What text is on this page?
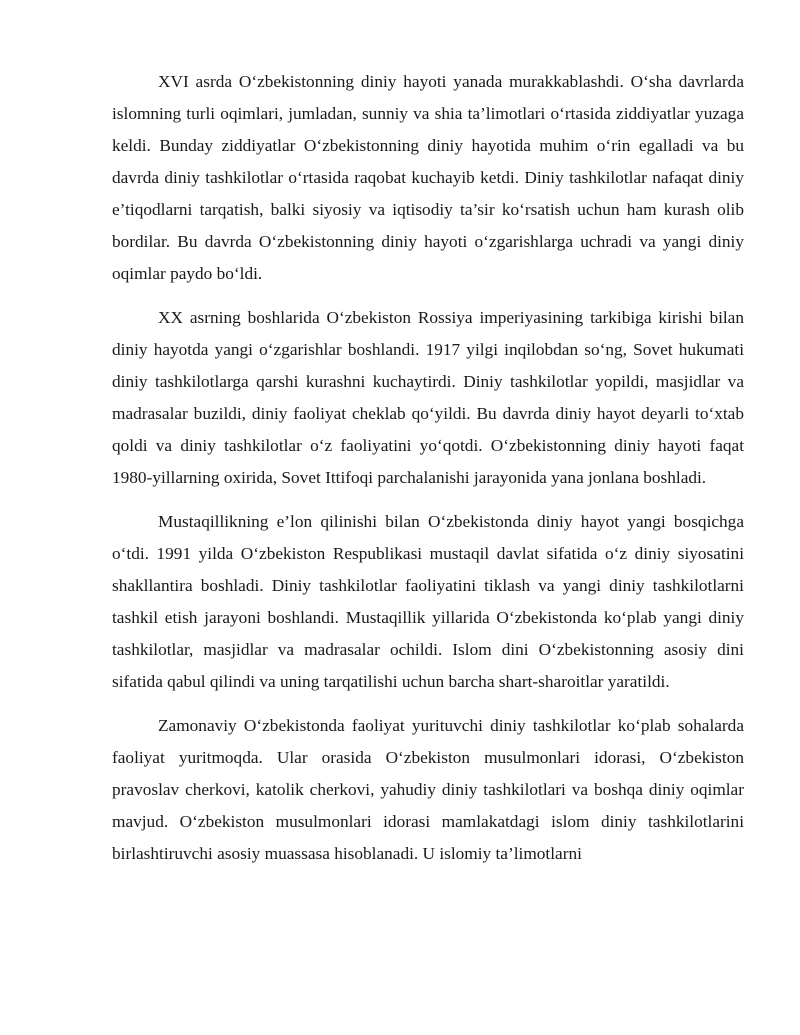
XVI asrda O‘zbekistonning diniy hayoti yanada murakkablashdi. O‘sha davrlarda islomning turli oqimlari, jumladan, sunniy va shia ta’limotlari o‘rtasida ziddiyatlar yuzaga keldi. Bunday ziddiyatlar O‘zbekistonning diniy hayotida muhim o‘rin egalladi va bu davrda diniy tashkilotlar o‘rtasida raqobat kuchayib ketdi. Diniy tashkilotlar nafaqat diniy e’tiqodlarni tarqatish, balki siyosiy va iqtisodiy ta’sir ko‘rsatish uchun ham kurash olib bordilar. Bu davrda O‘zbekistonning diniy hayoti o‘zgarishlarga uchradi va yangi diniy oqimlar paydo bo‘ldi.

XX asrning boshlarida O‘zbekiston Rossiya imperiyasining tarkibiga kirishi bilan diniy hayotda yangi o‘zgarishlar boshlandi. 1917 yilgi inqilobdan so‘ng, Sovet hukumati diniy tashkilotlarga qarshi kurashni kuchaytirdi. Diniy tashkilotlar yopildi, masjidlar va madrasalar buzildi, diniy faoliyat cheklab qo‘yildi. Bu davrda diniy hayot deyarli to‘xtab qoldi va diniy tashkilotlar o‘z faoliyatini yo‘qotdi. O‘zbekistonning diniy hayoti faqat 1980-yillarning oxirida, Sovet Ittifoqi parchalanishi jarayonida yana jonlana boshladi.

Mustaqillikning e’lon qilinishi bilan O‘zbekistonda diniy hayot yangi bosqichga o‘tdi. 1991 yilda O‘zbekiston Respublikasi mustaqil davlat sifatida o‘z diniy siyosatini shakllantira boshladi. Diniy tashkilotlar faoliyatini tiklash va yangi diniy tashkilotlarni tashkil etish jarayoni boshlandi. Mustaqillik yillarida O‘zbekistonda ko‘plab yangi diniy tashkilotlar, masjidlar va madrasalar ochildi. Islom dini O‘zbekistonning asosiy dini sifatida qabul qilindi va uning tarqatilishi uchun barcha shart-sharoitlar yaratildi.

Zamonaviy O‘zbekistonda faoliyat yurituvchi diniy tashkilotlar ko‘plab sohalarda faoliyat yuritmoqda. Ular orasida O‘zbekiston musulmonlari idorasi, O‘zbekiston pravoslav cherkovi, katolik cherkovi, yahudiy diniy tashkilotlari va boshqa diniy oqimlar mavjud. O‘zbekiston musulmonlari idorasi mamlakatdagi islom diniy tashkilotlarini birlashtiruvchi asosiy muassasa hisoblanadi. U islomiy ta’limotlarni
